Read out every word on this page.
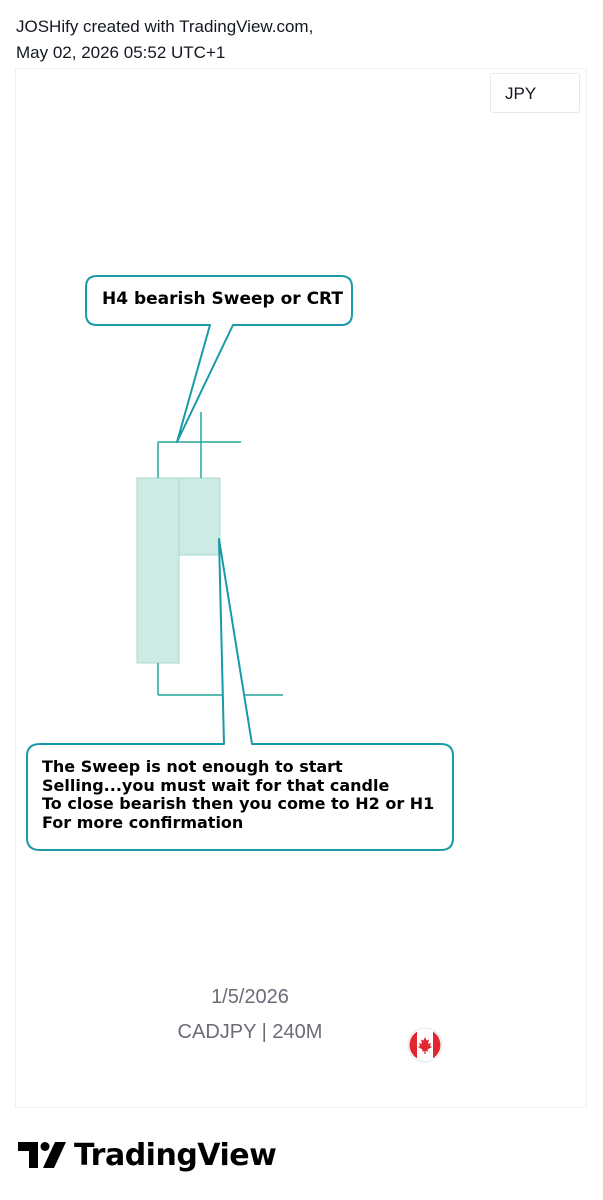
JOSHify created with TradingView.com,
May 02, 2026 05:52 UTC+1
JPY
H4 bearish Sweep or CRT
The Sweep is not enough to start
Selling...you must wait for that candle
To close bearish then you come to H2 or H1
For more confirmation
1/5/2026
CADJPY | 240M
TradingView
